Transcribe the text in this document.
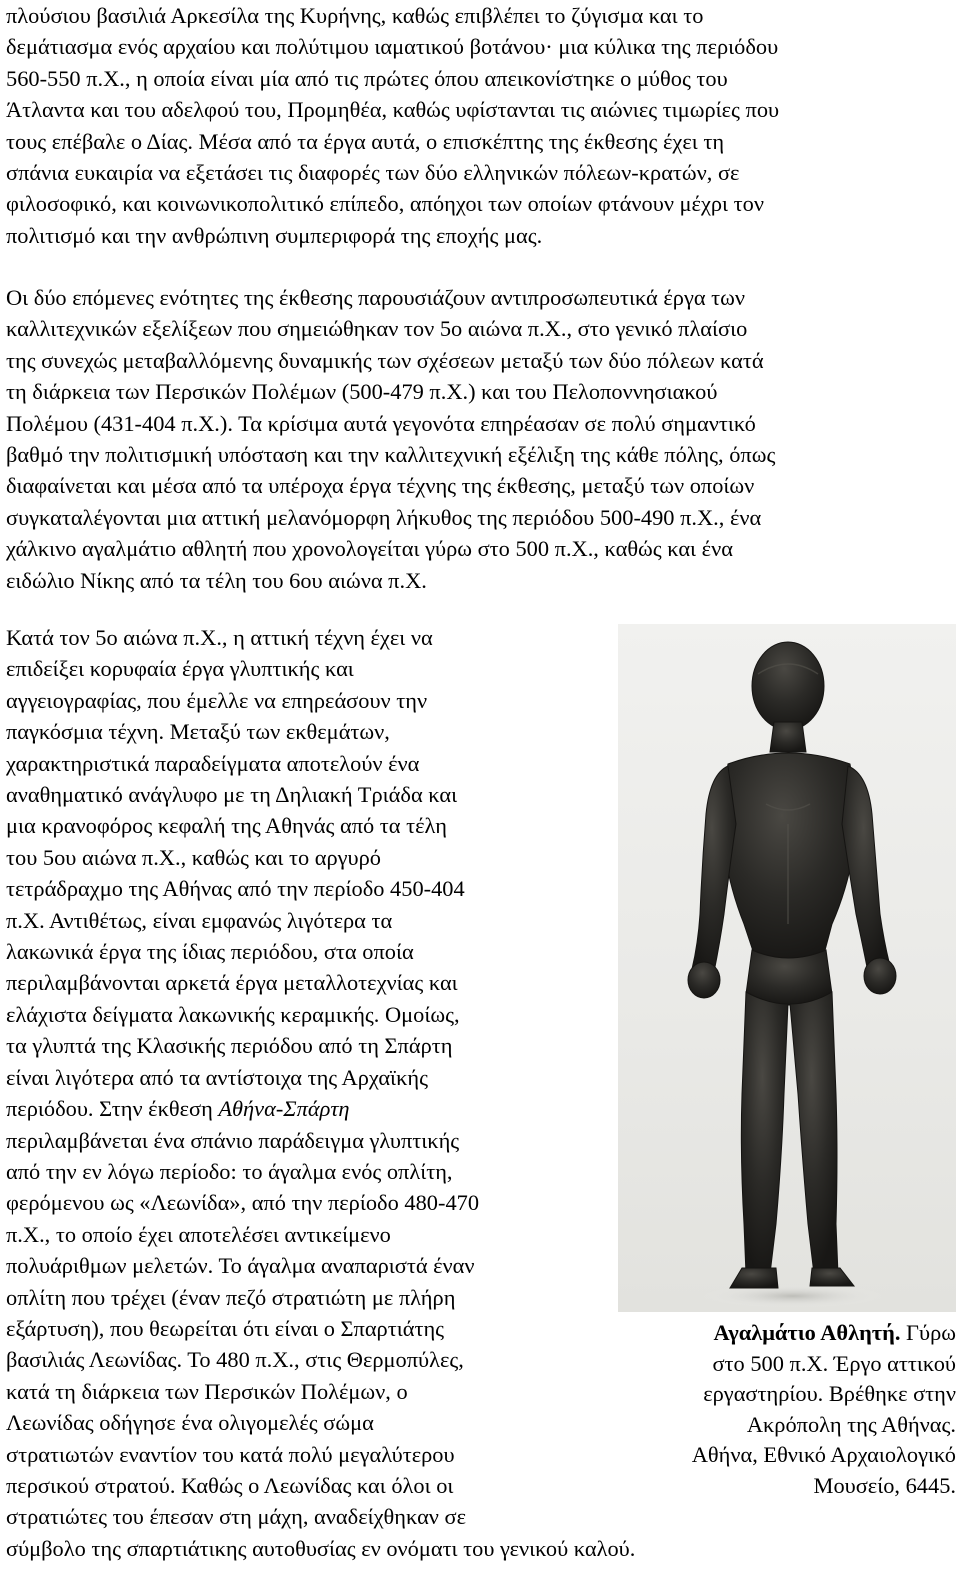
πλούσιου βασιλιά Αρκεσίλα της Κυρήνης, καθώς επιβλέπει το ζύγισμα και το
δεμάτιασμα ενός αρχαίου και πολύτιμου ιαματικού βοτάνου· μια κύλικα της περιόδου
560-550 π.Χ., η οποία είναι μία από τις πρώτες όπου απεικονίστηκε ο μύθος του
Άτλαντα και του αδελφού του, Προμηθέα, καθώς υφίστανται τις αιώνιες τιμωρίες που
τους επέβαλε ο Δίας. Μέσα από τα έργα αυτά, ο επισκέπτης της έκθεσης έχει τη
σπάνια ευκαιρία να εξετάσει τις διαφορές των δύο ελληνικών πόλεων-κρατών, σε
φιλοσοφικό, και κοινωνικοπολιτικό επίπεδο, απόηχοι των οποίων φτάνουν μέχρι τον
πολιτισμό και την ανθρώπινη συμπεριφορά της εποχής μας.
Οι δύο επόμενες ενότητες της έκθεσης παρουσιάζουν αντιπροσωπευτικά έργα των
καλλιτεχνικών εξελίξεων που σημειώθηκαν τον 5ο αιώνα π.Χ., στο γενικό πλαίσιο
της συνεχώς μεταβαλλόμενης δυναμικής των σχέσεων μεταξύ των δύο πόλεων κατά
τη διάρκεια των Περσικών Πολέμων (500-479 π.Χ.) και του Πελοποννησιακού
Πολέμου (431-404 π.Χ.). Τα κρίσιμα αυτά γεγονότα επηρέασαν σε πολύ σημαντικό
βαθμό την πολιτισμική υπόσταση και την καλλιτεχνική εξέλιξη της κάθε πόλης, όπως
διαφαίνεται και μέσα από τα υπέροχα έργα τέχνης της έκθεσης, μεταξύ των οποίων
συγκαταλέγονται μια αττική μελανόμορφη λήκυθος της περιόδου 500-490 π.Χ., ένα
χάλκινο αγαλμάτιο αθλητή που χρονολογείται γύρω στο 500 π.Χ., καθώς και ένα
ειδώλιο Νίκης από τα τέλη του 6ου αιώνα π.Χ.
Κατά τον 5ο αιώνα π.Χ., η αττική τέχνη έχει να
επιδείξει κορυφαία έργα γλυπτικής και
αγγειογραφίας, που έμελλε να επηρεάσουν την
παγκόσμια τέχνη. Μεταξύ των εκθεμάτων,
χαρακτηριστικά παραδείγματα αποτελούν ένα
αναθηματικό ανάγλυφο με τη Δηλιακή Τριάδα και
μια κρανοφόρος κεφαλή της Αθηνάς από τα τέλη
του 5ου αιώνα π.Χ., καθώς και το αργυρό
τετράδραχμο της Αθήνας από την περίοδο 450-404
π.Χ. Αντιθέτως, είναι εμφανώς λιγότερα τα
λακωνικά έργα της ίδιας περιόδου, στα οποία
περιλαμβάνονται αρκετά έργα μεταλλοτεχνίας και
ελάχιστα δείγματα λακωνικής κεραμικής. Ομοίως,
τα γλυπτά της Κλασικής περιόδου από τη Σπάρτη
είναι λιγότερα από τα αντίστοιχα της Αρχαϊκής
περιόδου. Στην έκθεση Αθήνα-Σπάρτη
περιλαμβάνεται ένα σπάνιο παράδειγμα γλυπτικής
από την εν λόγω περίοδο: το άγαλμα ενός οπλίτη,
φερόμενου ως «Λεωνίδα», από την περίοδο 480-470
π.Χ., το οποίο έχει αποτελέσει αντικείμενο
πολυάριθμων μελετών. Το άγαλμα αναπαριστά έναν
οπλίτη που τρέχει (έναν πεζό στρατιώτη με πλήρη
εξάρτυση), που θεωρείται ότι είναι ο Σπαρτιάτης
βασιλιάς Λεωνίδας. Το 480 π.Χ., στις Θερμοπύλες,
κατά τη διάρκεια των Περσικών Πολέμων, ο
Λεωνίδας οδήγησε ένα ολιγομελές σώμα
στρατιωτών εναντίον του κατά πολύ μεγαλύτερου
περσικού στρατού. Καθώς ο Λεωνίδας και όλοι οι
στρατιώτες του έπεσαν στη μάχη, αναδείχθηκαν σε
σύμβολο της σπαρτιάτικης αυτοθυσίας εν ονόματι του γενικού καλού.
Αγαλμάτιο Αθλητή. Γύρω
στο 500 π.Χ. Έργο αττικού
εργαστηρίου. Βρέθηκε στην
Ακρόπολη της Αθήνας.
Αθήνα, Εθνικό Αρχαιολογικό
Μουσείο, 6445.
